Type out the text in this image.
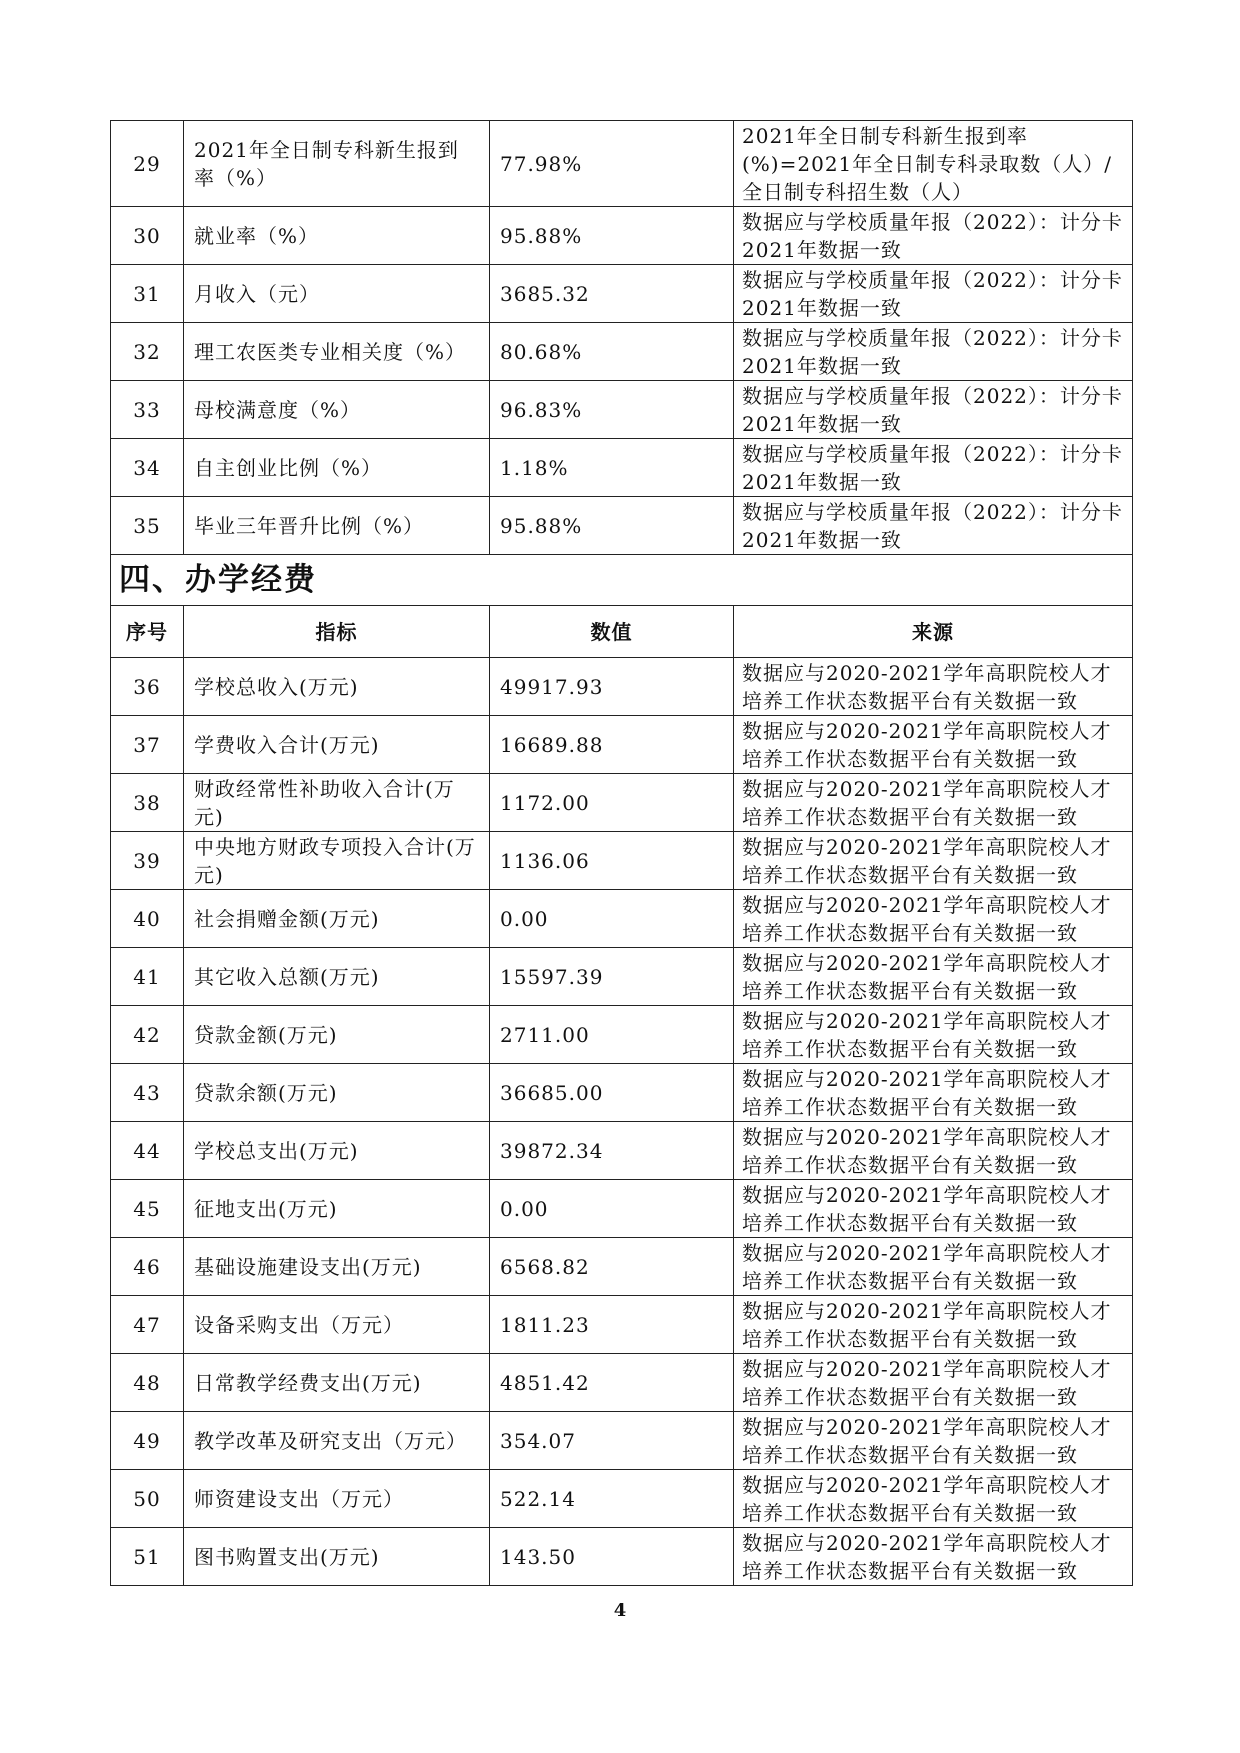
29	2021年全日制专科新生报到率（%）	77.98%	2021年全日制专科新生报到率(%)=2021年全日制专科录取数（人）/全日制专科招生数（人）
30	就业率（%）	95.88%	数据应与学校质量年报（2022）：计分卡2021年数据一致
31	月收入（元）	3685.32	数据应与学校质量年报（2022）：计分卡2021年数据一致
32	理工农医类专业相关度（%）	80.68%	数据应与学校质量年报（2022）：计分卡2021年数据一致
33	母校满意度（%）	96.83%	数据应与学校质量年报（2022）：计分卡2021年数据一致
34	自主创业比例（%）	1.18%	数据应与学校质量年报（2022）：计分卡2021年数据一致
35	毕业三年晋升比例（%）	95.88%	数据应与学校质量年报（2022）：计分卡2021年数据一致
四、办学经费			
序号	指标	数值	来源
36	学校总收入(万元)	49917.93	数据应与2020-2021学年高职院校人才培养工作状态数据平台有关数据一致
37	学费收入合计(万元)	16689.88	数据应与2020-2021学年高职院校人才培养工作状态数据平台有关数据一致
38	财政经常性补助收入合计(万元)	1172.00	数据应与2020-2021学年高职院校人才培养工作状态数据平台有关数据一致
39	中央地方财政专项投入合计(万元)	1136.06	数据应与2020-2021学年高职院校人才培养工作状态数据平台有关数据一致
40	社会捐赠金额(万元)	0.00	数据应与2020-2021学年高职院校人才培养工作状态数据平台有关数据一致
41	其它收入总额(万元)	15597.39	数据应与2020-2021学年高职院校人才培养工作状态数据平台有关数据一致
42	贷款金额(万元)	2711.00	数据应与2020-2021学年高职院校人才培养工作状态数据平台有关数据一致
43	贷款余额(万元)	36685.00	数据应与2020-2021学年高职院校人才培养工作状态数据平台有关数据一致
44	学校总支出(万元)	39872.34	数据应与2020-2021学年高职院校人才培养工作状态数据平台有关数据一致
45	征地支出(万元)	0.00	数据应与2020-2021学年高职院校人才培养工作状态数据平台有关数据一致
46	基础设施建设支出(万元)	6568.82	数据应与2020-2021学年高职院校人才培养工作状态数据平台有关数据一致
47	设备采购支出（万元）	1811.23	数据应与2020-2021学年高职院校人才培养工作状态数据平台有关数据一致
48	日常教学经费支出(万元)	4851.42	数据应与2020-2021学年高职院校人才培养工作状态数据平台有关数据一致
49	教学改革及研究支出（万元）	354.07	数据应与2020-2021学年高职院校人才培养工作状态数据平台有关数据一致
50	师资建设支出（万元）	522.14	数据应与2020-2021学年高职院校人才培养工作状态数据平台有关数据一致
51	图书购置支出(万元)	143.50	数据应与2020-2021学年高职院校人才培养工作状态数据平台有关数据一致
4
